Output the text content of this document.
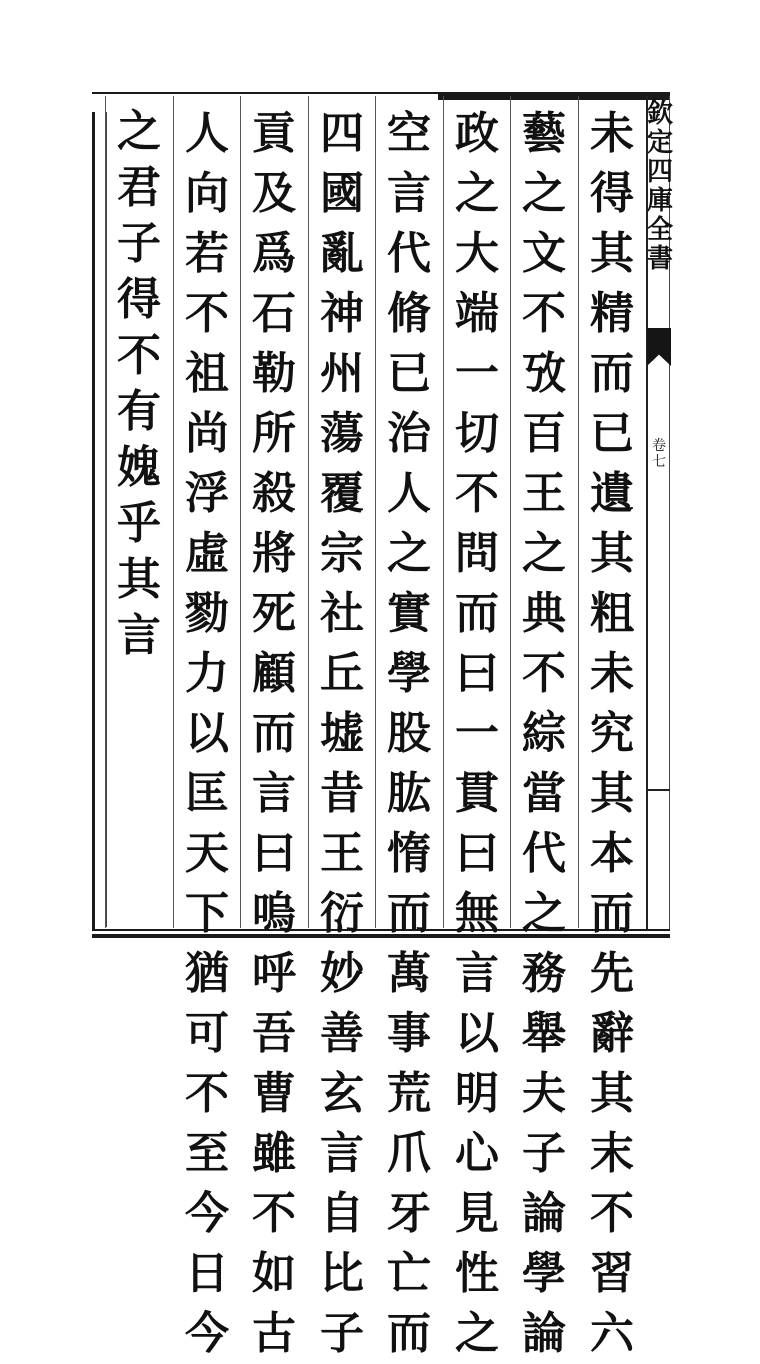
欽
定
四
庫
全
書
卷
七
未
得
其
精
而
已
遺
其
粗
未
究
其
本
而
先
辭
其
末
不
習
六
藝
之
文
不
攷
百
王
之
典
不
綜
當
代
之
務
舉
夫
子
論
學
論
政
之
大
端
一
切
不
問
而
曰
一
貫
曰
無
言
以
明
心
見
性
之
空
言
代
脩
已
治
人
之
實
學
股
肱
惰
而
萬
事
荒
爪
牙
亡
而
四
國
亂
神
州
蕩
覆
宗
社
丘
墟
昔
王
衍
妙
善
玄
言
自
比
子
貢
及
爲
石
勒
所
殺
將
死
顧
而
言
曰
嗚
呼
吾
曹
雖
不
如
古
人
向
若
不
祖
尚
浮
虛
勠
力
以
匡
天
下
猶
可
不
至
今
日
今
之
君
子
得
不
有
媿
乎
其
言
